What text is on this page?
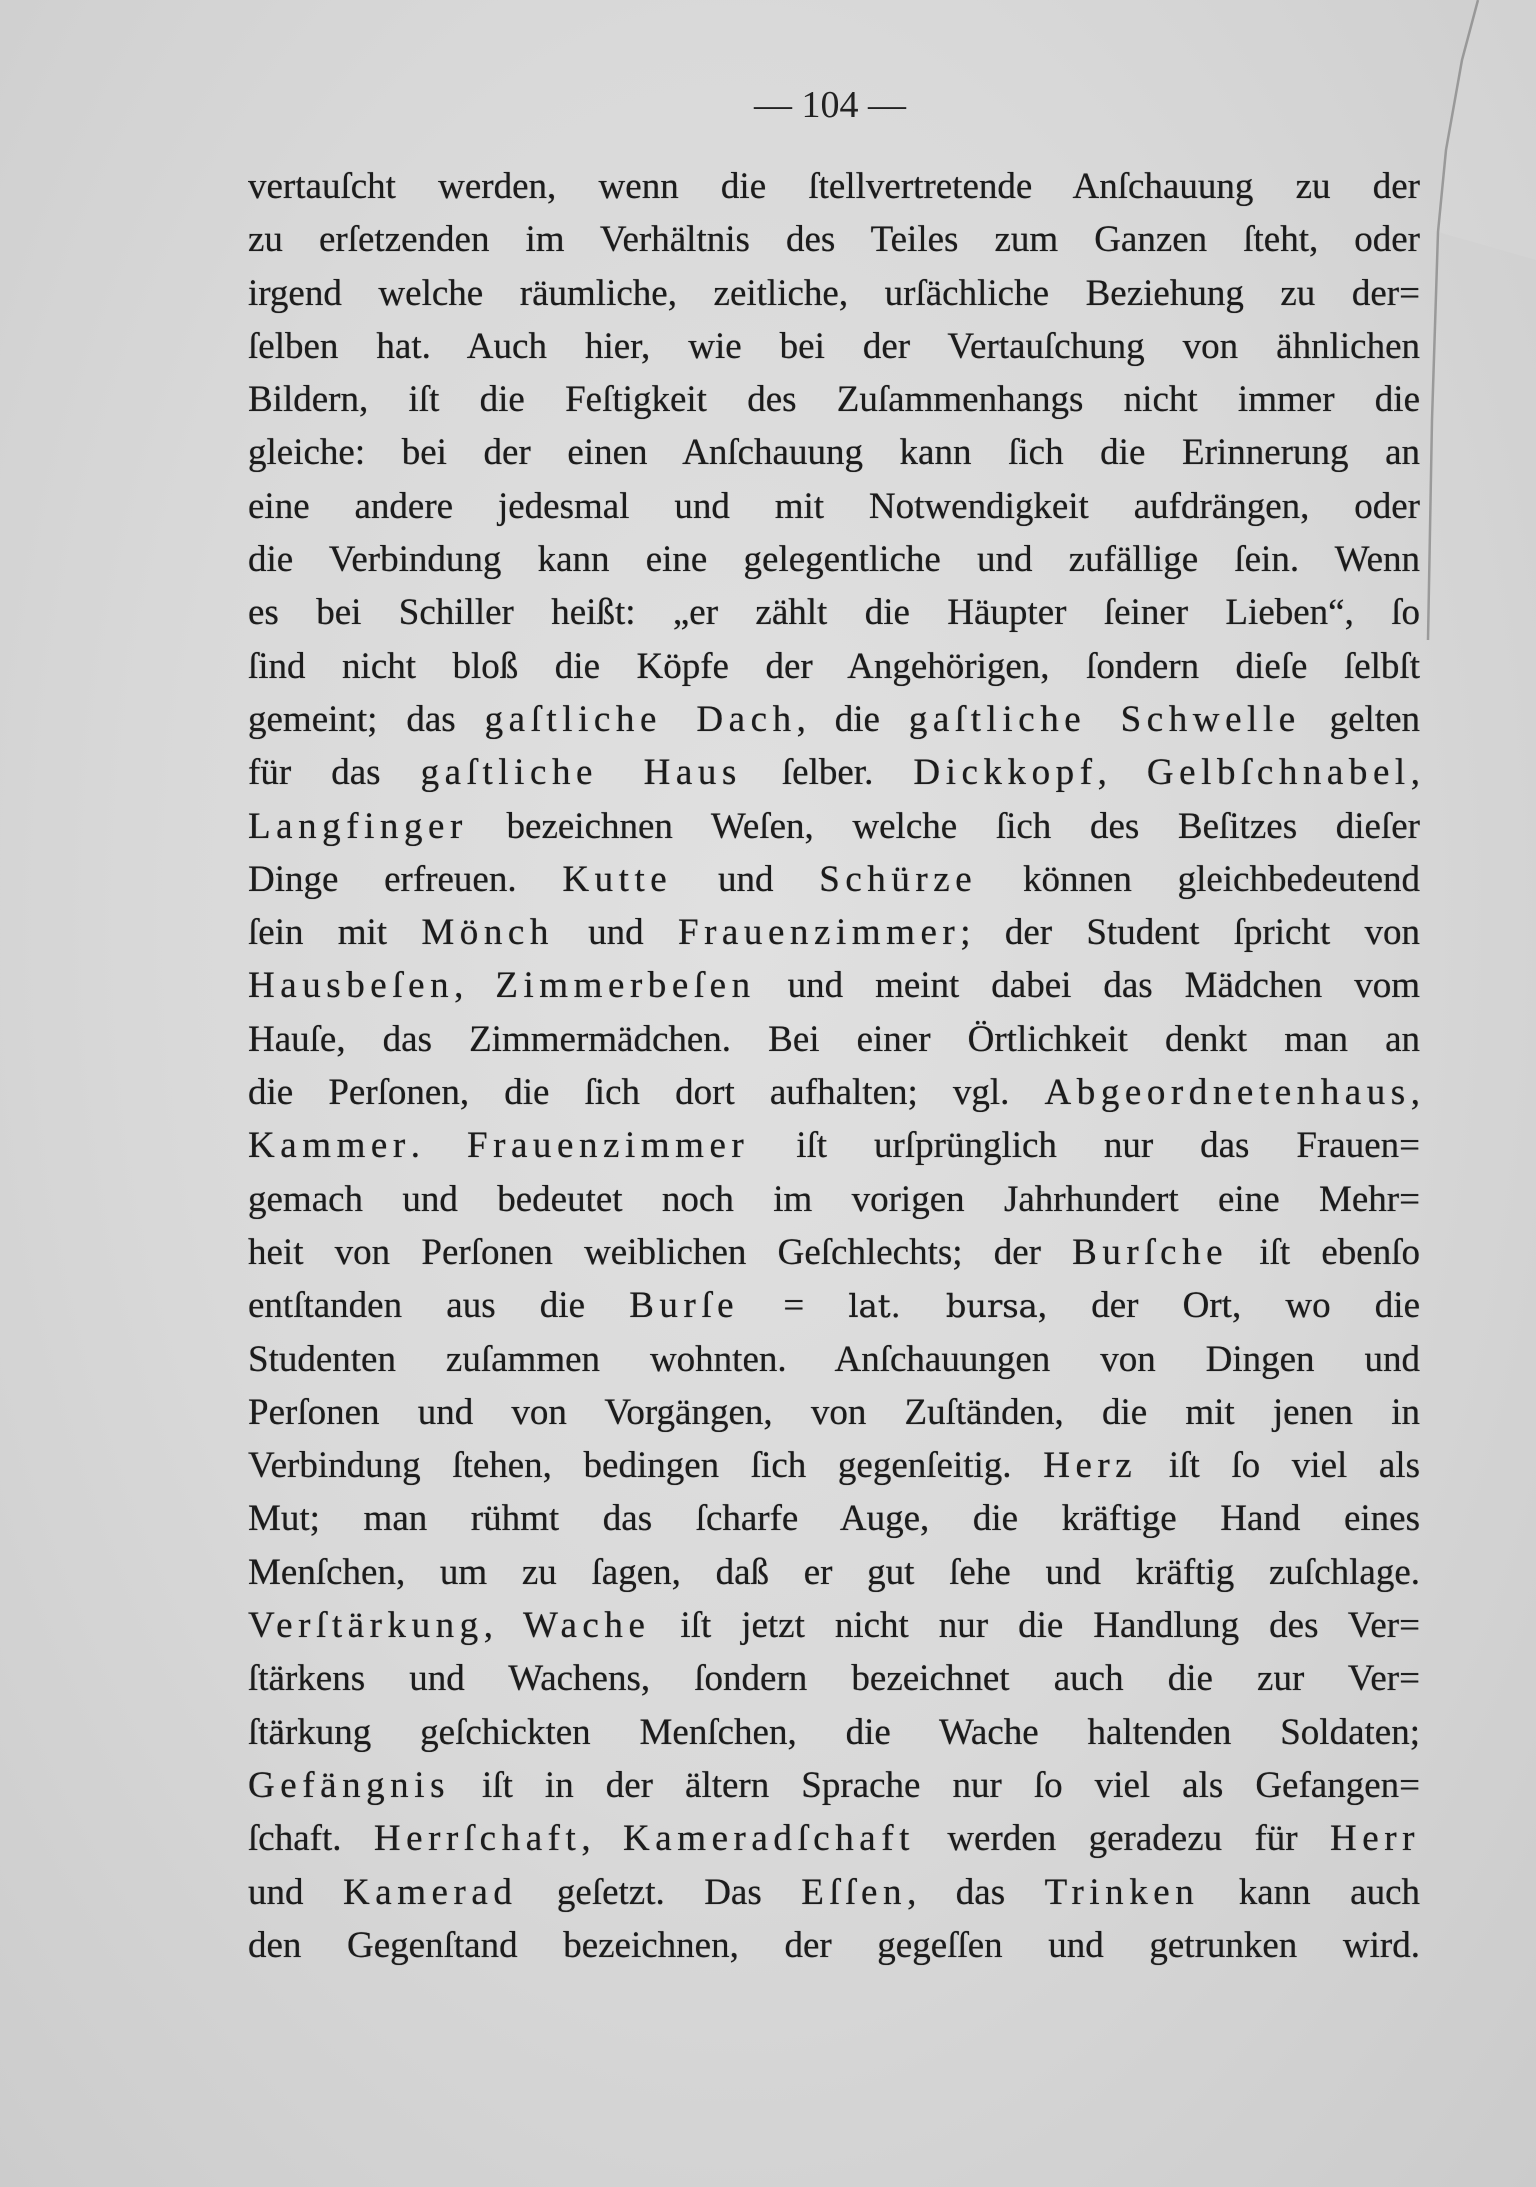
— 104 —
vertauſcht werden, wenn die ſtellvertretende Anſchauung zu der
zu erſetzenden im Verhältnis des Teiles zum Ganzen ſteht, oder
irgend welche räumliche, zeitliche, urſächliche Beziehung zu der=
ſelben hat. Auch hier, wie bei der Vertauſchung von ähnlichen
Bildern, iſt die Feſtigkeit des Zuſammenhangs nicht immer die
gleiche: bei der einen Anſchauung kann ſich die Erinnerung an
eine andere jedesmal und mit Notwendigkeit aufdrängen, oder
die Verbindung kann eine gelegentliche und zufällige ſein. Wenn
es bei Schiller heißt: „er zählt die Häupter ſeiner Lieben“, ſo
ſind nicht bloß die Köpfe der Angehörigen, ſondern dieſe ſelbſt
gemeint; das gaſtliche Dach, die gaſtliche Schwelle gelten
für das gaſtliche Haus ſelber. Dickkopf, Gelbſchnabel,
Langfinger bezeichnen Weſen, welche ſich des Beſitzes dieſer
Dinge erfreuen. Kutte und Schürze können gleichbedeutend
ſein mit Mönch und Frauenzimmer; der Student ſpricht von
Hausbeſen, Zimmerbeſen und meint dabei das Mädchen vom
Hauſe, das Zimmermädchen. Bei einer Örtlichkeit denkt man an
die Perſonen, die ſich dort aufhalten; vgl. Abgeordnetenhaus,
Kammer. Frauenzimmer iſt urſprünglich nur das Frauen=
gemach und bedeutet noch im vorigen Jahrhundert eine Mehr=
heit von Perſonen weiblichen Geſchlechts; der Burſche iſt ebenſo
entſtanden aus die Burſe = lat. bursa, der Ort, wo die
Studenten zuſammen wohnten. Anſchauungen von Dingen und
Perſonen und von Vorgängen, von Zuſtänden, die mit jenen in
Verbindung ſtehen, bedingen ſich gegenſeitig. Herz iſt ſo viel als
Mut; man rühmt das ſcharfe Auge, die kräftige Hand eines
Menſchen, um zu ſagen, daß er gut ſehe und kräftig zuſchlage.
Verſtärkung, Wache iſt jetzt nicht nur die Handlung des Ver=
ſtärkens und Wachens, ſondern bezeichnet auch die zur Ver=
ſtärkung geſchickten Menſchen, die Wache haltenden Soldaten;
Gefängnis iſt in der ältern Sprache nur ſo viel als Gefangen=
ſchaft. Herrſchaft, Kameradſchaft werden geradezu für Herr
und Kamerad geſetzt. Das Eſſen, das Trinken kann auch
den Gegenſtand bezeichnen, der gegeſſen und getrunken wird.
